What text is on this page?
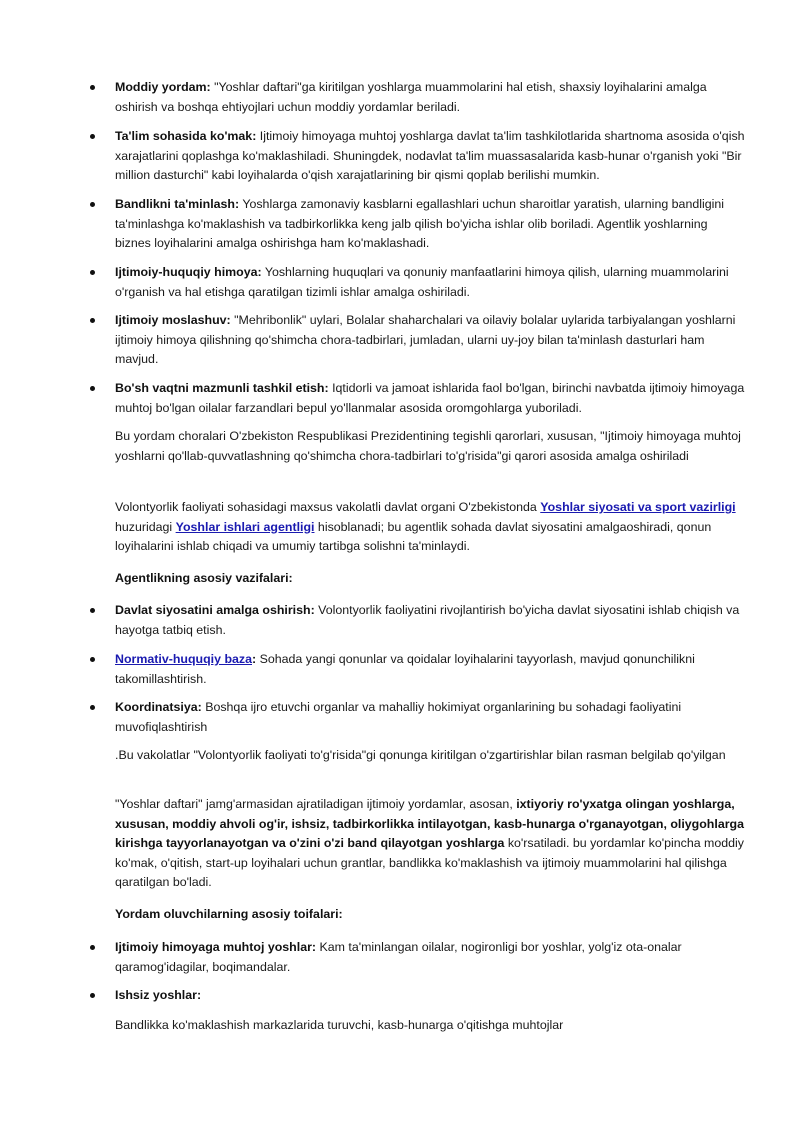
Moddiy yordam: "Yoshlar daftari"ga kiritilgan yoshlarga muammolarini hal etish, shaxsiy loyihalarini amalga oshirish va boshqa ehtiyojlari uchun moddiy yordamlar beriladi.
Ta'lim sohasida ko'mak: Ijtimoiy himoyaga muhtoj yoshlarga davlat ta'lim tashkilotlarida shartnoma asosida o'qish xarajatlarini qoplashga ko'maklashiladi. Shuningdek, nodavlat ta'lim muassasalarida kasb-hunar o'rganish yoki "Bir million dasturchi" kabi loyihalarda o'qish xarajatlarining bir qismi qoplab berilishi mumkin.
Bandlikni ta'minlash: Yoshlarga zamonaviy kasblarni egallashlari uchun sharoitlar yaratish, ularning bandligini ta'minlashga ko'maklashish va tadbirkorlikka keng jalb qilish bo'yicha ishlar olib boriladi. Agentlik yoshlarning biznes loyihalarini amalga oshirishga ham ko'maklashadi.
Ijtimoiy-huquqiy himoya: Yoshlarning huquqlari va qonuniy manfaatlarini himoya qilish, ularning muammolarini o'rganish va hal etishga qaratilgan tizimli ishlar amalga oshiriladi.
Ijtimoiy moslashuv: "Mehribonlik" uylari, Bolalar shaharchalari va oilaviy bolalar uylarida tarbiyalangan yoshlarni ijtimoiy himoya qilishning qo'shimcha chora-tadbirlari, jumladan, ularni uy-joy bilan ta'minlash dasturlari ham mavjud.
Bo'sh vaqtni mazmunli tashkil etish: Iqtidorli va jamoat ishlarida faol bo'lgan, birinchi navbatda ijtimoiy himoyaga muhtoj bo'lgan oilalar farzandlari bepul yo'llanmalar asosida oromgohlarga yuboriladi.

Bu yordam choralari O'zbekiston Respublikasi Prezidentining tegishli qarorlari, xususan, "Ijtimoiy himoyaga muhtoj yoshlarni qo'llab-quvvatlashning qo'shimcha chora-tadbirlari to'g'risida"gi qarori asosida amalga oshiriladi

Volontyorlik faoliyati sohasidagi maxsus vakolatli davlat organi O'zbekistonda Yoshlar siyosati va sport vazirligi huzuridagi Yoshlar ishlari agentligi hisoblanadi; bu agentlik sohada davlat siyosatini amalgaoshiradi, qonun loyihalarini ishlab chiqadi va umumiy tartibga solishni ta'minlaydi.

Agentlikning asosiy vazifalari:

Davlat siyosatini amalga oshirish: Volontyorlik faoliyatini rivojlantirish bo'yicha davlat siyosatini ishlab chiqish va hayotga tatbiq etish.
Normativ-huquqiy baza: Sohada yangi qonunlar va qoidalar loyihalarini tayyorlash, mavjud qonunchilikni takomillashtirish.
Koordinatsiya: Boshqa ijro etuvchi organlar va mahalliy hokimiyat organlarining bu sohadagi faoliyatini muvofiqlashtirish

.Bu vakolatlar "Volontyorlik faoliyati to'g'risida"gi qonunga kiritilgan o'zgartirishlar bilan rasman belgilab qo'yilgan

"Yoshlar daftari" jamg'armasidan ajratiladigan ijtimoiy yordamlar, asosan, ixtiyoriy ro'yxatga olingan yoshlarga, xususan, moddiy ahvoli og'ir, ishsiz, tadbirkorlikka intilayotgan, kasb-hunarga o'rganayotgan, oliygohlarga kirishga tayyorlanayotgan va o'zini o'zi band qilayotgan yoshlarga ko'rsatiladi. bu yordamlar ko'pincha moddiy ko'mak, o'qitish, start-up loyihalari uchun grantlar, bandlikka ko'maklashish va ijtimoiy muammolarini hal qilishga qaratilgan bo'ladi.

Yordam oluvchilarning asosiy toifalari:

Ijtimoiy himoyaga muhtoj yoshlar: Kam ta'minlangan oilalar, nogironligi bor yoshlar, yolg'iz ota-onalar qaramog'idagilar, boqimandalar.
Ishsiz yoshlar:

Bandlikka ko'maklashish markazlarida turuvchi, kasb-hunarga o'qitishga muhtojlar
